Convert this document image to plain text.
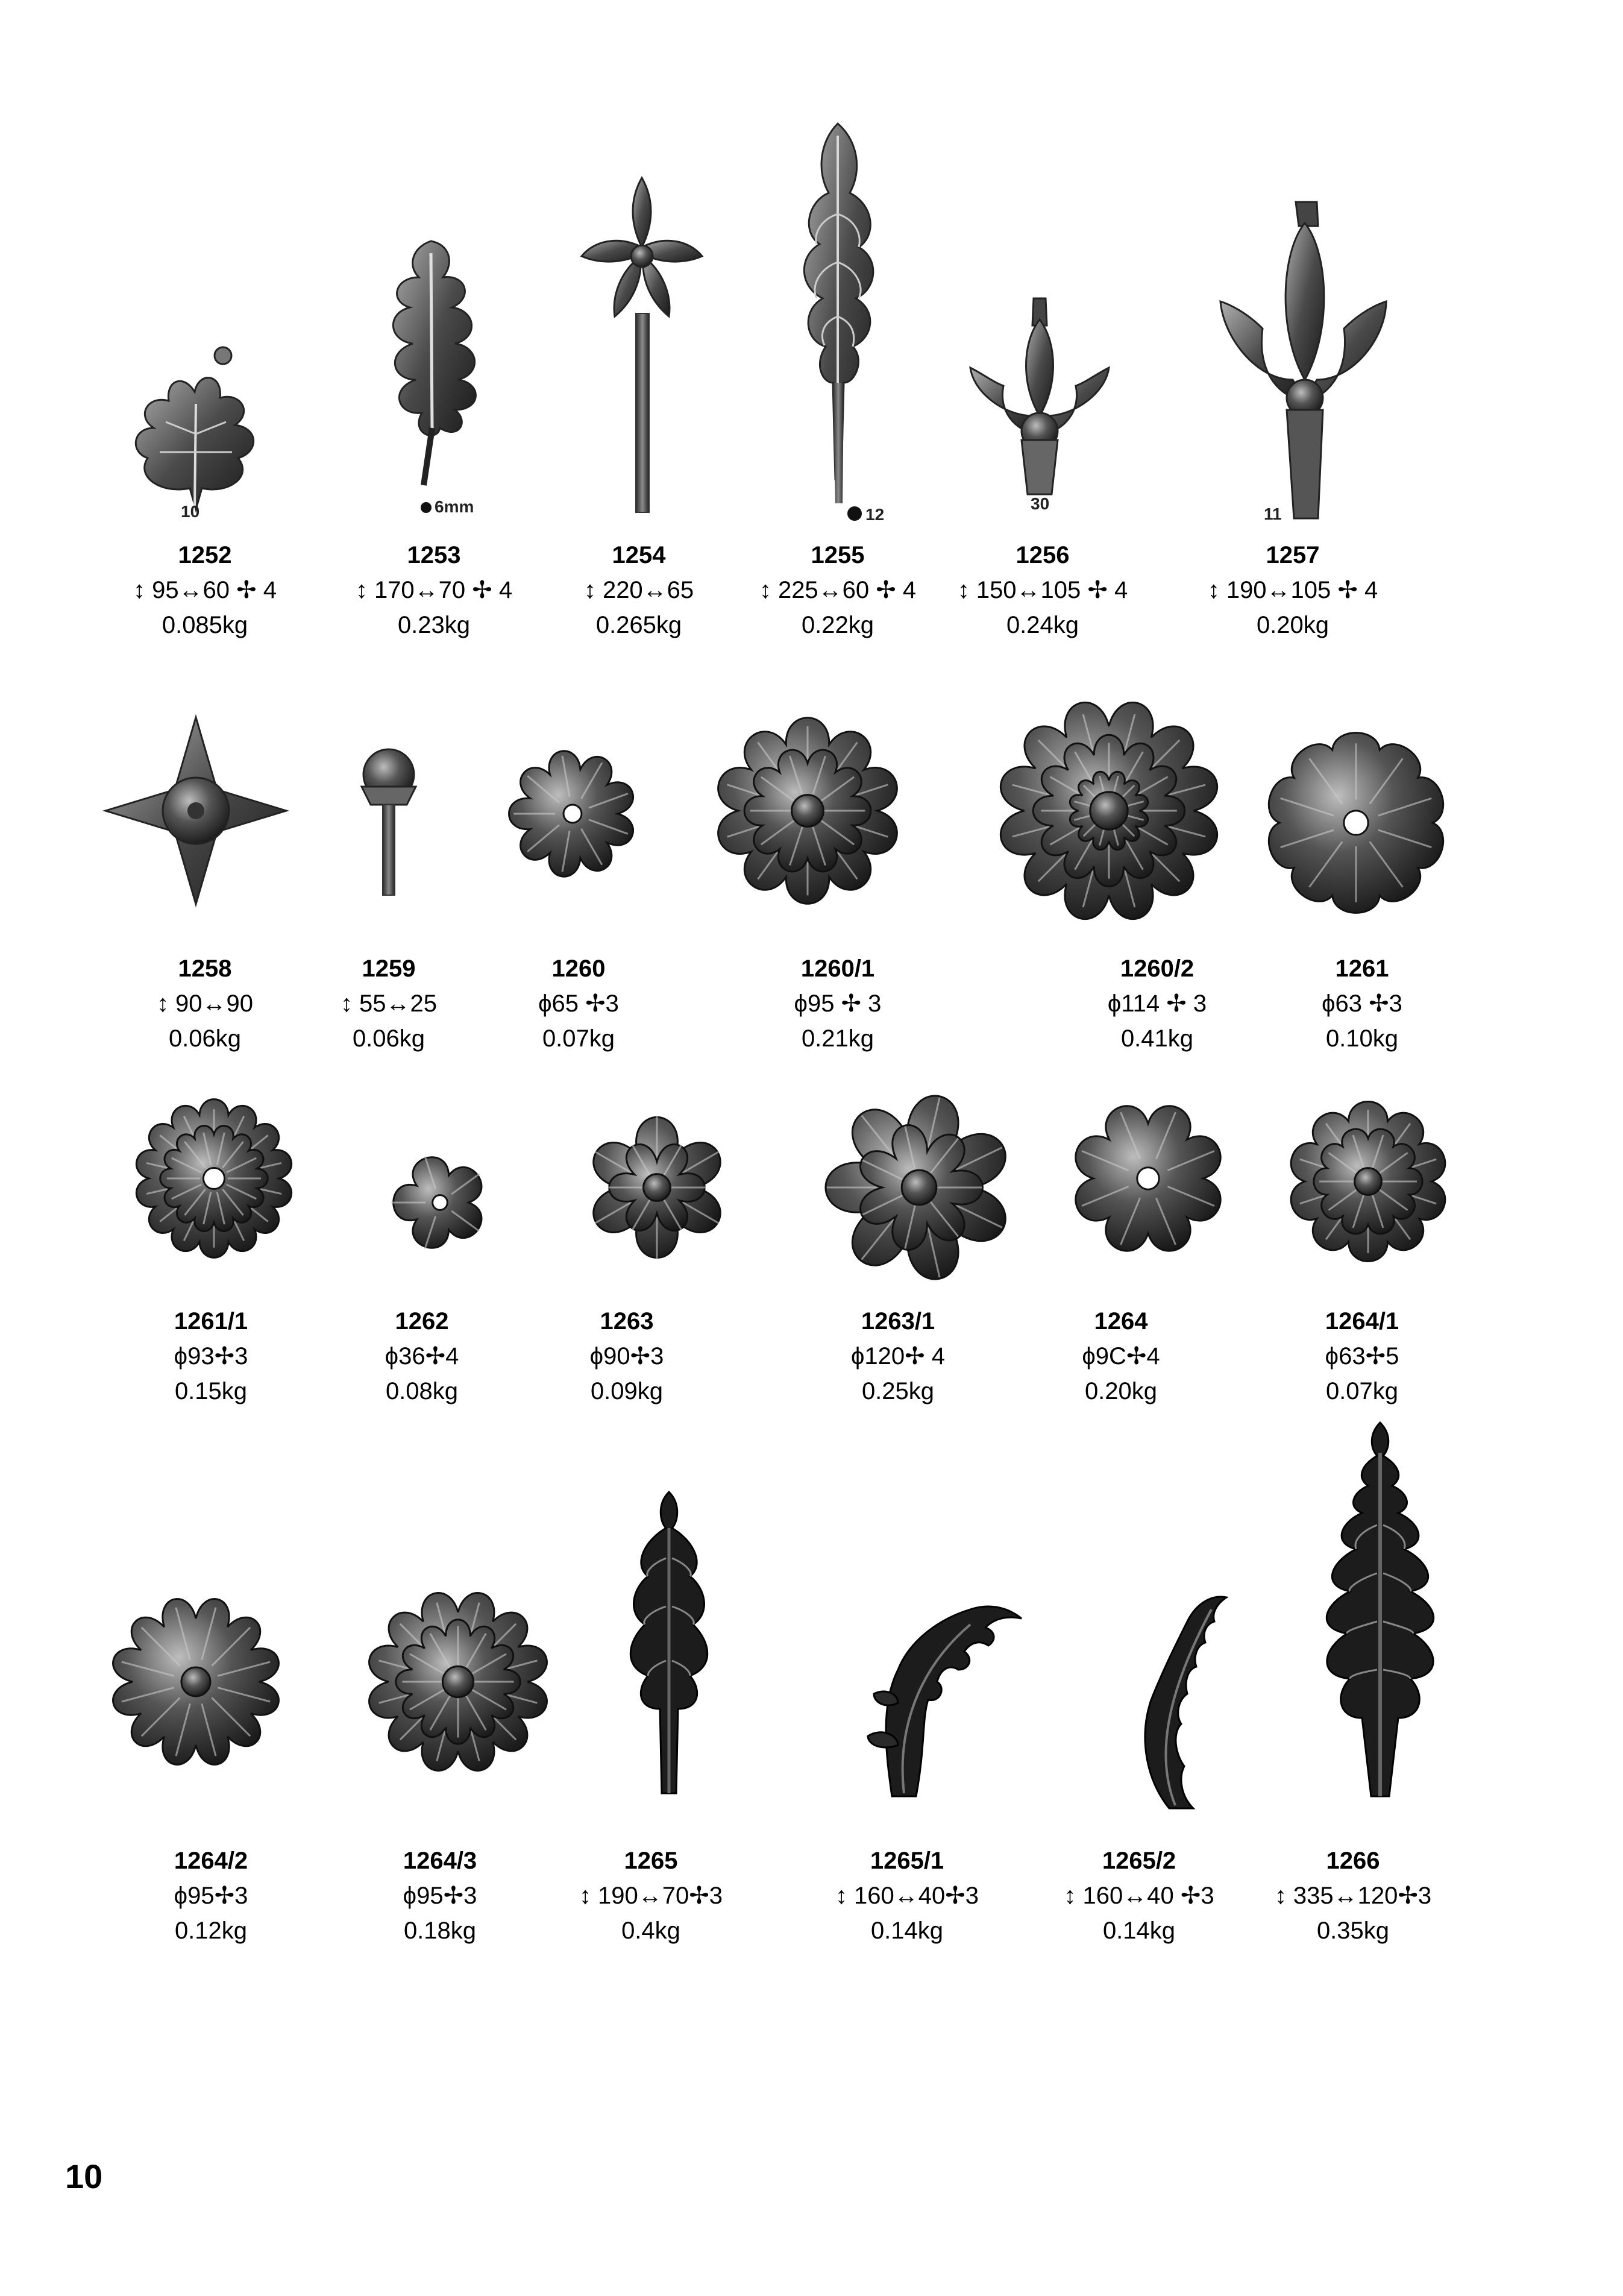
10	6mm	12
30
11
1252
↕ 95↔60 ✢ 4
0.085kg
1253
↕ 170↔70 ✢ 4
0.23kg
1254
↕ 220↔65
0.265kg
1255
↕ 225↔60 ✢ 4
0.22kg
1256
↕ 150↔105 ✢ 4
0.24kg
1257
↕ 190↔105 ✢ 4
0.20kg
1258
↕ 90↔90
0.06kg
1259
↕ 55↔25
0.06kg
1260
ϕ65 ✢3
0.07kg
1260/1
ϕ95 ✢ 3
0.21kg
1260/2
ϕ114 ✢ 3
0.41kg
1261
ϕ63 ✢3
0.10kg
1261/1
ϕ93✢3
0.15kg
1262
ϕ36✢4
0.08kg
1263
ϕ90✢3
0.09kg
1263/1
ϕ120✢ 4
0.25kg
1264
ϕ9C✢4
0.20kg
1264/1
ϕ63✢5
0.07kg
1264/2
ϕ95✢3
0.12kg
1264/3
ϕ95✢3
0.18kg
1265
↕ 190↔70✢3
0.4kg
1265/1
↕ 160↔40✢3
0.14kg
1265/2
↕ 160↔40 ✢3
0.14kg
1266
↕ 335↔120✢3
0.35kg
10
